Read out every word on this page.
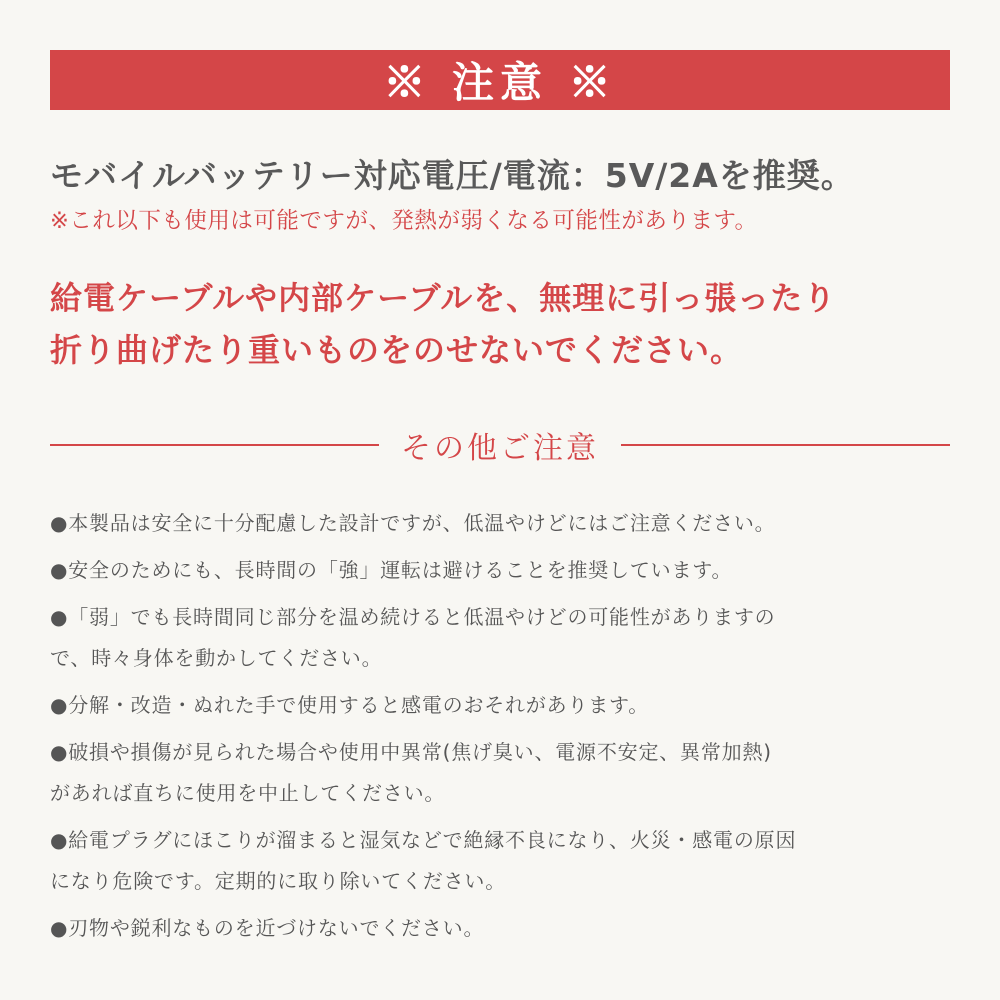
※ 注意 ※
モバイルバッテリー対応電圧/電流：5V/2Aを推奨。
※これ以下も使用は可能ですが、発熱が弱くなる可能性があります。
給電ケーブルや内部ケーブルを、無理に引っ張ったり
折り曲げたり重いものをのせないでください。
その他ご注意
●本製品は安全に十分配慮した設計ですが、低温やけどにはご注意ください。
●安全のためにも、長時間の「強」運転は避けることを推奨しています。
●「弱」でも長時間同じ部分を温め続けると低温やけどの可能性がありますの
で、時々身体を動かしてください。
●分解・改造・ぬれた手で使用すると感電のおそれがあります。
●破損や損傷が見られた場合や使用中異常(焦げ臭い、電源不安定、異常加熱)
があれば直ちに使用を中止してください。
●給電プラグにほこりが溜まると湿気などで絶縁不良になり、火災・感電の原因
になり危険です。定期的に取り除いてください。
●刃物や鋭利なものを近づけないでください。
